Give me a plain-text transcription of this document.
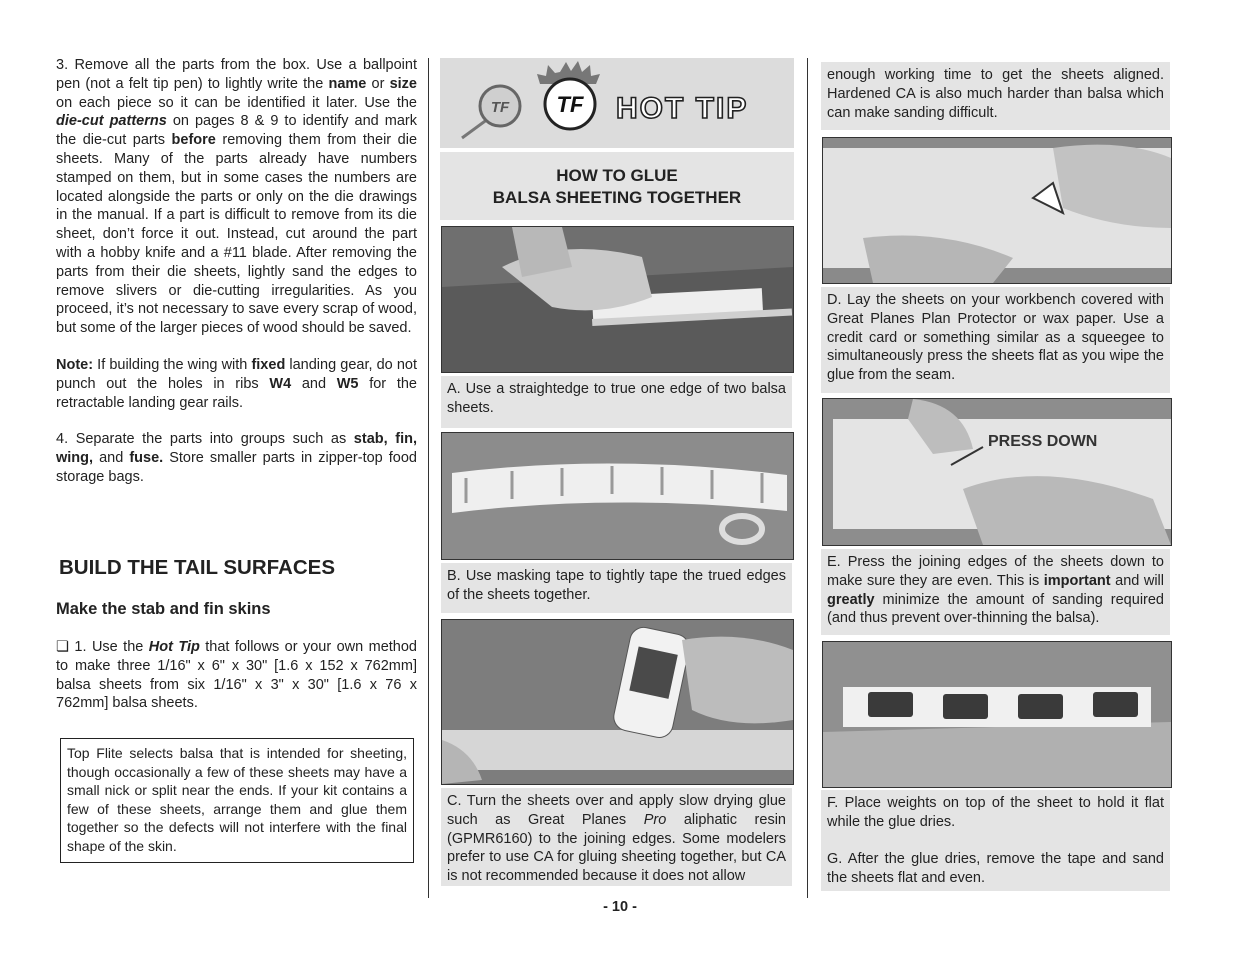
3. Remove all the parts from the box. Use a ballpoint pen (not a felt tip pen) to lightly write the name or size on each piece so it can be identified it later. Use the die-cut patterns on pages 8 & 9 to identify and mark the die-cut parts before removing them from their die sheets. Many of the parts already have numbers stamped on them, but in some cases the numbers are located alongside the parts or only on the die drawings in the manual. If a part is difficult to remove from its die sheet, don’t force it out. Instead, cut around the part with a hobby knife and a #11 blade. After removing the parts from their die sheets, lightly sand the edges to remove slivers or die-cutting irregularities. As you proceed, it’s not necessary to save every scrap of wood, but some of the larger pieces of wood should be saved.

Note: If building the wing with fixed landing gear, do not punch out the holes in ribs W4 and W5 for the retractable landing gear rails.

4. Separate the parts into groups such as stab, fin, wing, and fuse. Store smaller parts in zipper-top food storage bags.

BUILD THE TAIL SURFACES
Make the stab and fin skins

❏ 1. Use the Hot Tip that follows or your own method to make three 1/16" x 6" x 30" [1.6 x 152 x 762mm] balsa sheets from six 1/16" x 3" x 30" [1.6 x 76 x 762mm] balsa sheets.

Top Flite selects balsa that is intended for sheeting, though occasionally a few of these sheets may have a small nick or split near the ends. If your kit contains a few of these sheets, arrange them and glue them together so the defects will not interfere with the final shape of the skin.
TF TF HOT TIP
HOW TO GLUE
BALSA SHEETING TOGETHER
A. Use a straightedge to true one edge of two balsa sheets.
B. Use masking tape to tightly tape the trued edges of the sheets together.
C. Turn the sheets over and apply slow drying glue such as Great Planes Pro aliphatic resin (GPMR6160) to the joining edges. Some modelers prefer to use CA for gluing sheeting together, but CA is not recommended because it does not allow
enough working time to get the sheets aligned. Hardened CA is also much harder than balsa which can make sanding difficult.
D. Lay the sheets on your workbench covered with Great Planes Plan Protector or wax paper. Use a credit card or something similar as a squeegee to simultaneously press the sheets flat as you wipe the glue from the seam.
PRESS DOWN
E. Press the joining edges of the sheets down to make sure they are even. This is important and will greatly minimize the amount of sanding required (and thus prevent over-thinning the balsa).
F. Place weights on top of the sheet to hold it flat while the glue dries.
G. After the glue dries, remove the tape and sand the sheets flat and even.
- 10 -
